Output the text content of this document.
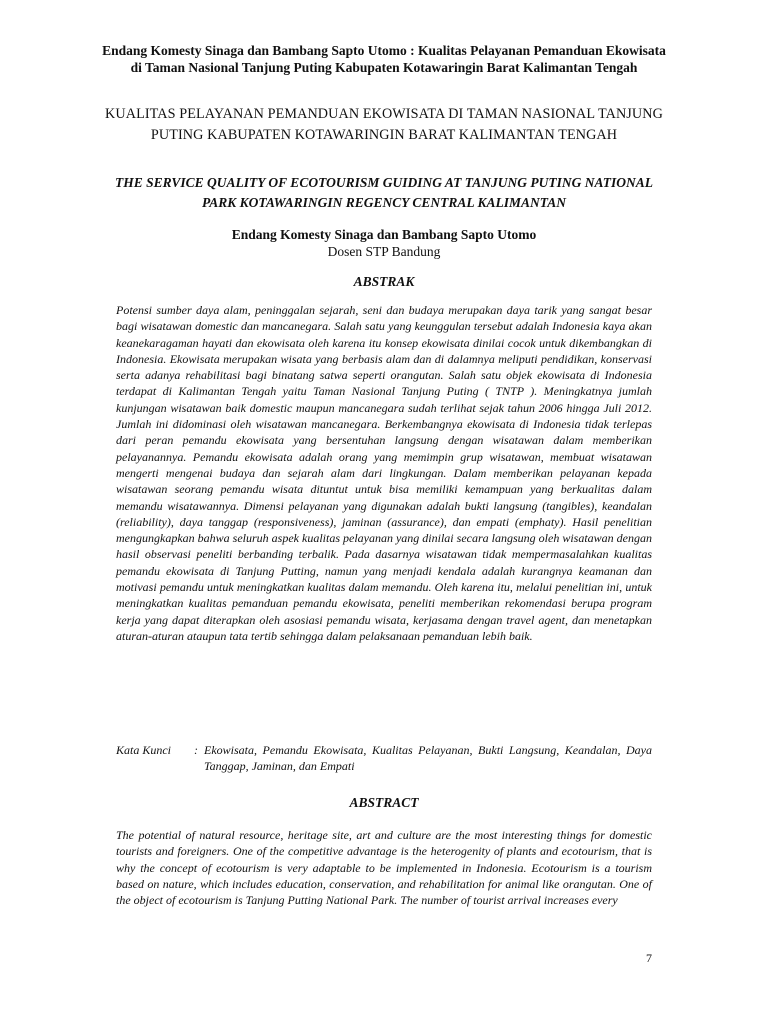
Endang Komesty Sinaga dan Bambang Sapto Utomo : Kualitas Pelayanan Pemanduan Ekowisata di Taman Nasional Tanjung Puting Kabupaten Kotawaringin Barat Kalimantan Tengah
KUALITAS PELAYANAN PEMANDUAN EKOWISATA DI TAMAN NASIONAL TANJUNG PUTING KABUPATEN KOTAWARINGIN BARAT KALIMANTAN TENGAH
THE SERVICE QUALITY OF ECOTOURISM GUIDING AT TANJUNG PUTING NATIONAL PARK KOTAWARINGIN REGENCY CENTRAL KALIMANTAN
Endang Komesty Sinaga dan Bambang Sapto Utomo
Dosen STP Bandung
ABSTRAK

Potensi sumber daya alam, peninggalan sejarah, seni dan budaya merupakan daya tarik yang sangat besar bagi wisatawan domestic dan mancanegara. Salah satu yang keunggulan tersebut adalah Indonesia kaya akan keanekaragaman hayati dan ekowisata oleh karena itu konsep ekowisata dinilai cocok untuk dikembangkan di Indonesia. Ekowisata merupakan wisata yang berbasis alam dan di dalamnya meliputi pendidikan, konservasi serta adanya rehabilitasi bagi binatang satwa seperti orangutan. Salah satu objek ekowisata di Indonesia terdapat di Kalimantan Tengah yaitu Taman Nasional Tanjung Puting ( TNTP ). Meningkatnya jumlah kunjungan wisatawan baik domestic maupun mancanegara sudah terlihat sejak tahun 2006 hingga Juli 2012. Jumlah ini didominasi oleh wisatawan mancanegara. Berkembangnya ekowisata di Indonesia tidak terlepas dari peran pemandu ekowisata yang bersentuhan langsung dengan wisatawan dalam memberikan pelayanannya. Pemandu ekowisata adalah orang yang memimpin grup wisatawan, membuat wisatawan mengerti mengenai budaya dan sejarah alam dari lingkungan. Dalam memberikan pelayanan kepada wisatawan seorang pemandu wisata dituntut untuk bisa memiliki kemampuan yang berkualitas dalam memandu wisatawannya. Dimensi pelayanan yang digunakan adalah bukti langsung (tangibles), keandalan (reliability), daya tanggap (responsiveness), jaminan (assurance), dan empati (emphaty). Hasil penelitian mengungkapkan bahwa seluruh aspek kualitas pelayanan yang dinilai secara langsung oleh wisatawan dengan hasil observasi peneliti berbanding terbalik. Pada dasarnya wisatawan tidak mempermasalahkan kualitas pemandu ekowisata di Tanjung Putting, namun yang menjadi kendala adalah kurangnya keamanan dan motivasi pemandu untuk meningkatkan kualitas dalam memandu. Oleh karena itu, melalui penelitian ini, untuk meningkatkan kualitas pemanduan pemandu ekowisata, peneliti memberikan rekomendasi berupa program kerja yang dapat diterapkan oleh asosiasi pemandu wisata, kerjasama dengan travel agent, dan menetapkan aturan-aturan ataupun tata tertib sehingga dalam pelaksanaan pemanduan lebih baik.

Kata Kunci	: Ekowisata, Pemandu Ekowisata, Kualitas Pelayanan, Bukti Langsung, Keandalan, Daya Tanggap, Jaminan, dan Empati
ABSTRACT

The potential of natural resource, heritage site, art and culture are the most interesting things for domestic tourists and foreigners. One of the competitive advantage is the heterogenity of plants and ecotourism, that is why the concept of ecotourism is very adaptable to be implemented in Indonesia. Ecotourism is a tourism based on nature, which includes education, conservation, and rehabilitation for animal like orangutan. One of the object of ecotourism is Tanjung Putting National Park. The number of tourist arrival increases every

7
